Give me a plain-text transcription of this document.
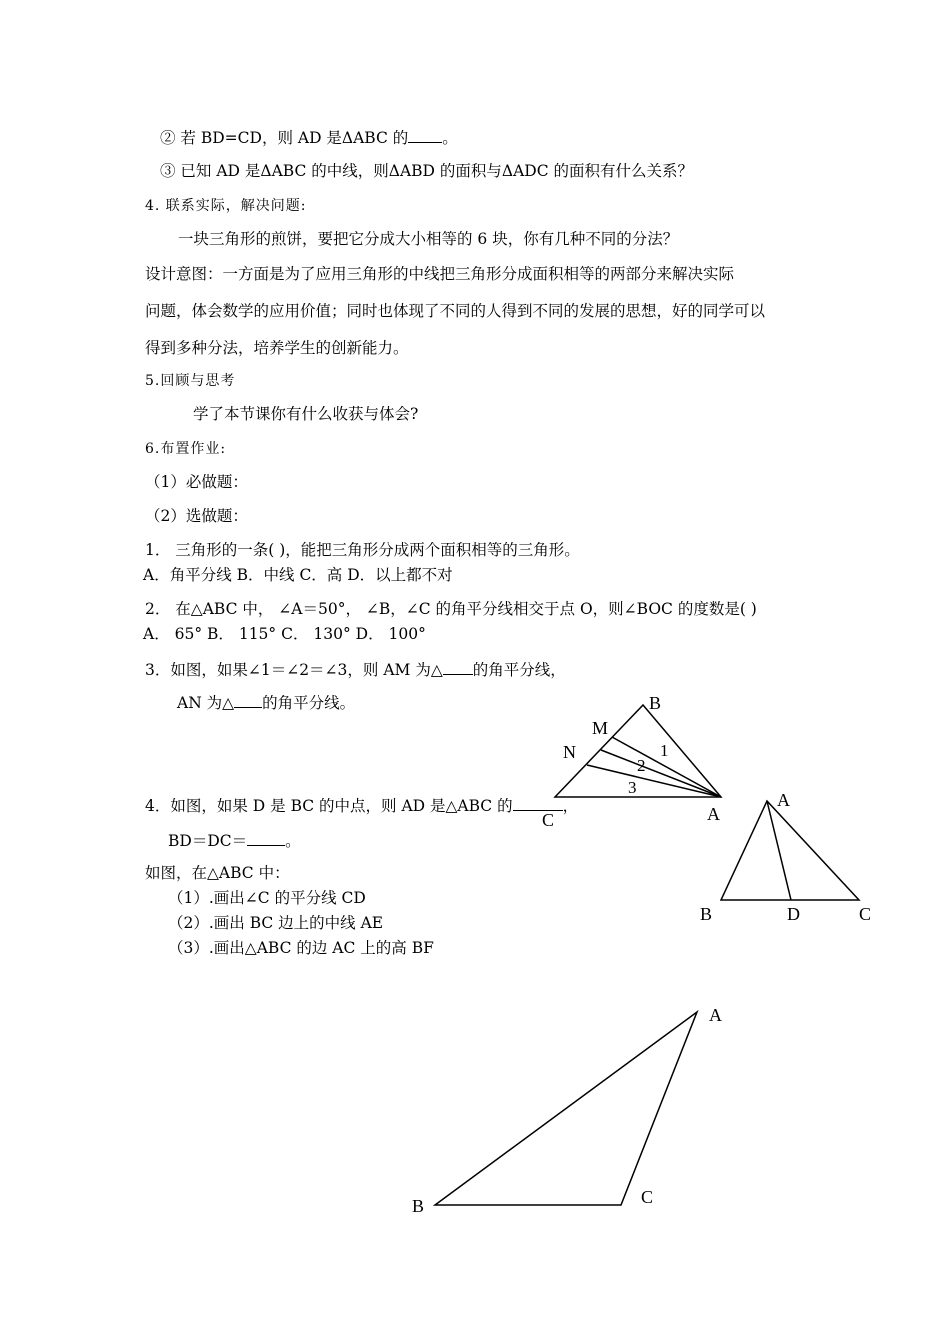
② 若 BD=CD，则 AD 是ΔABC 的 。
③ 已知 AD 是ΔABC 的中线，则ΔABD 的面积与ΔADC 的面积有什么关系？
4. 联系实际，解决问题:
一块三角形的煎饼，要把它分成大小相等的 6 块，你有几种不同的分法？
设计意图：一方面是为了应用三角形的中线把三角形分成面积相等的两部分来解决实际
问题，体会数学的应用价值；同时也体现了不同的人得到不同的发展的思想，好的同学可以
得到多种分法，培养学生的创新能力。
5.回顾与思考
学了本节课你有什么收获与体会?
6.布置作业:
（1）必做题：
（2）选做题：
1． 三角形的一条( )，能把三角形分成两个面积相等的三角形。
A．角平分线 B．中线 C．高 D．以上都不对
2． 在△ABC 中， ∠A＝50°， ∠B，∠C 的角平分线相交于点 O，则∠BOC 的度数是( )
A． 65° B． 115° C． 130° D． 100°
3．如图，如果∠1＝∠2＝∠3，则 AM 为△ 的角平分线，
AN 为△ 的角平分线。
4．如图，如果 D 是 BC 的中点，则 AD 是△ABC 的	，
BD＝DC＝ 。
如图，在△ABC 中：
（1）.画出∠C 的平分线 CD
（2）.画出 BC 边上的中线 AE
（3）.画出△ABC 的边 AC 上的高 BF
B
M
N
C	A
1
2
3
A
B	D	C
A
B	C
